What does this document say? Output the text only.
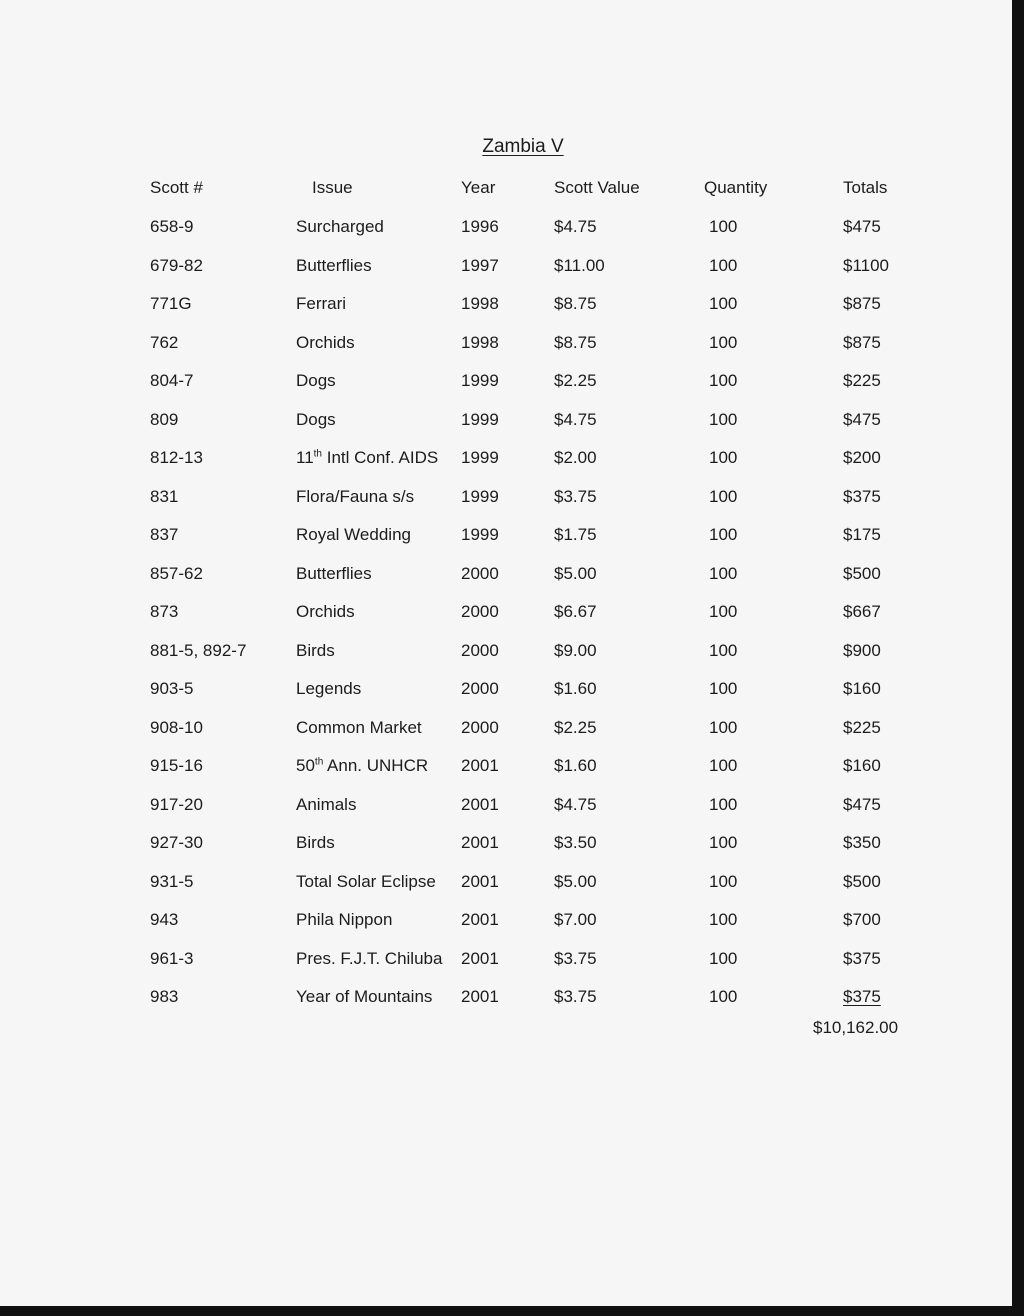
Zambia V
Scott #	Issue	Year	Scott Value	Quantity	Totals
658-9	Surcharged	1996	$4.75	100	$475
679-82	Butterflies	1997	$11.00	100	$1100
771G	Ferrari	1998	$8.75	100	$875
762	Orchids	1998	$8.75	100	$875
804-7	Dogs	1999	$2.25	100	$225
809	Dogs	1999	$4.75	100	$475
812-13	11th Intl Conf. AIDS 1999	$2.00	100	$200
831	Flora/Fauna s/s	1999	$3.75	100	$375
837	Royal Wedding	1999	$1.75	100	$175
857-62	Butterflies	2000	$5.00	100	$500
873	Orchids	2000	$6.67	100	$667
881-5, 892-7	Birds	2000	$9.00	100	$900
903-5	Legends	2000	$1.60	100	$160
908-10	Common Market 2000	$2.25	100	$225
915-16	50th Ann. UNHCR 2001	$1.60	100	$160
917-20	Animals	2001	$4.75	100	$475
927-30	Birds	2001	$3.50	100	$350
931-5	Total Solar Eclipse 2001	$5.00	100	$500
943	Phila Nippon	2001	$7.00	100	$700
961-3	Pres. F.J.T. Chiluba 2001	$3.75	100	$375
983	Year of Mountains 2001	$3.75	100	$375
$10,162.00
